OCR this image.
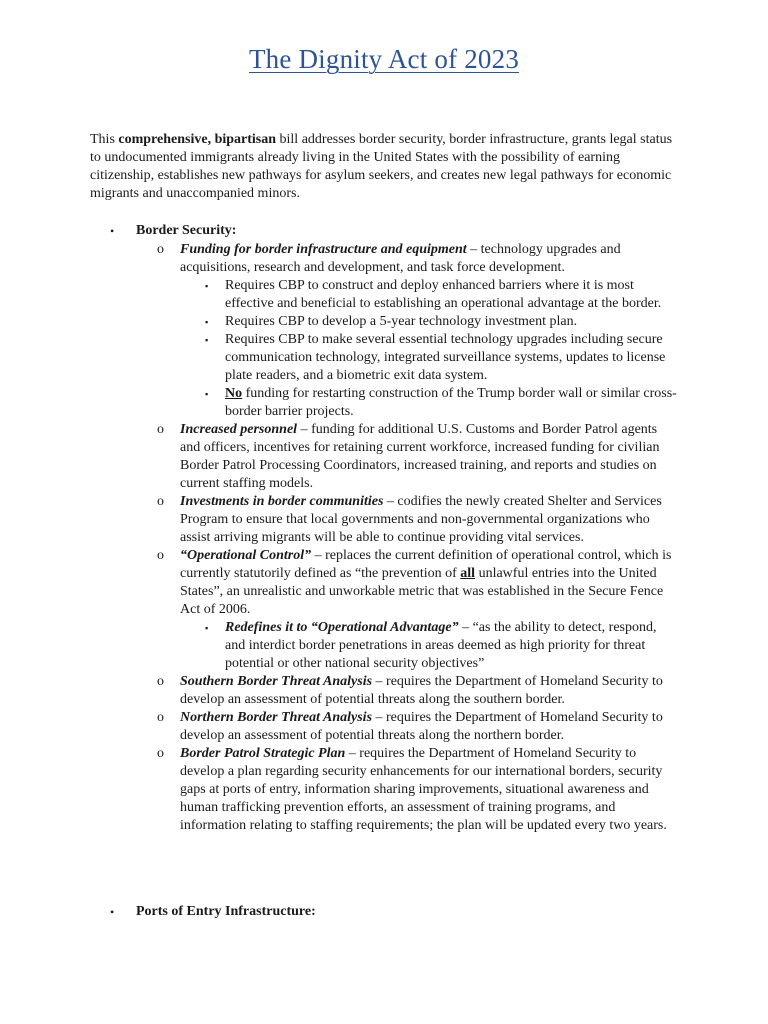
The Dignity Act of 2023
This comprehensive, bipartisan bill addresses border security, border infrastructure, grants legal status to undocumented immigrants already living in the United States with the possibility of earning citizenship, establishes new pathways for asylum seekers, and creates new legal pathways for economic migrants and unaccompanied minors.
• Border Security:
o Funding for border infrastructure and equipment – technology upgrades and acquisitions, research and development, and task force development.
▪ Requires CBP to construct and deploy enhanced barriers where it is most effective and beneficial to establishing an operational advantage at the border.
▪ Requires CBP to develop a 5-year technology investment plan.
▪ Requires CBP to make several essential technology upgrades including secure communication technology, integrated surveillance systems, updates to license plate readers, and a biometric exit data system.
▪ No funding for restarting construction of the Trump border wall or similar cross-border barrier projects.
o Increased personnel – funding for additional U.S. Customs and Border Patrol agents and officers, incentives for retaining current workforce, increased funding for civilian Border Patrol Processing Coordinators, increased training, and reports and studies on current staffing models.
o Investments in border communities – codifies the newly created Shelter and Services Program to ensure that local governments and non-governmental organizations who assist arriving migrants will be able to continue providing vital services.
o “Operational Control” – replaces the current definition of operational control, which is currently statutorily defined as “the prevention of all unlawful entries into the United States”, an unrealistic and unworkable metric that was established in the Secure Fence Act of 2006.
▪ Redefines it to “Operational Advantage” – “as the ability to detect, respond, and interdict border penetrations in areas deemed as high priority for threat potential or other national security objectives”
o Southern Border Threat Analysis – requires the Department of Homeland Security to develop an assessment of potential threats along the southern border.
o Northern Border Threat Analysis – requires the Department of Homeland Security to develop an assessment of potential threats along the northern border.
o Border Patrol Strategic Plan – requires the Department of Homeland Security to develop a plan regarding security enhancements for our international borders, security gaps at ports of entry, information sharing improvements, situational awareness and human trafficking prevention efforts, an assessment of training programs, and information relating to staffing requirements; the plan will be updated every two years.
• Ports of Entry Infrastructure:
